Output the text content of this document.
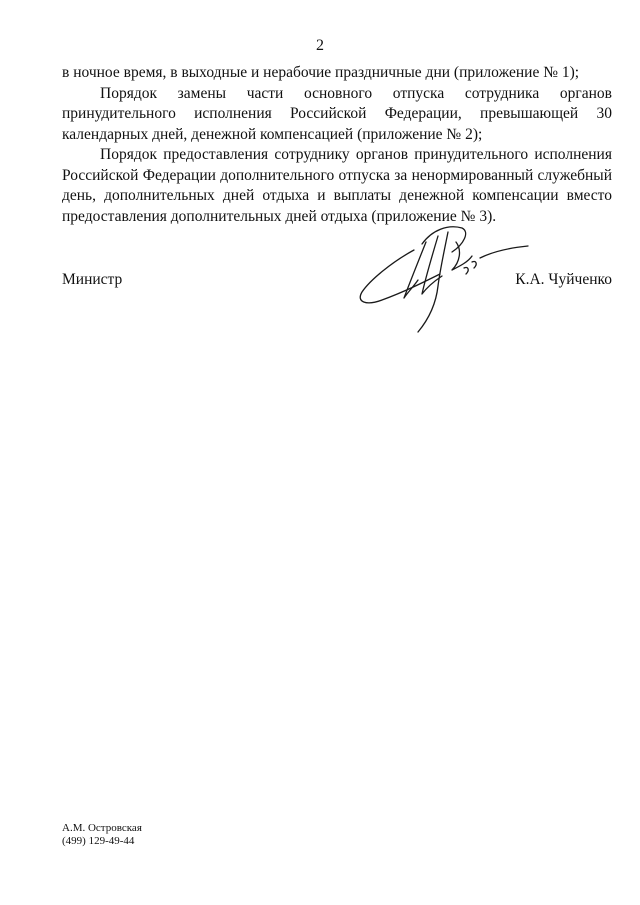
2

в ночное время, в выходные и нерабочие праздничные дни (приложение № 1);

Порядок замены части основного отпуска сотрудника органов принудительного исполнения Российской Федерации, превышающей 30 календарных дней, денежной компенсацией (приложение № 2);

Порядок предоставления сотруднику органов принудительного исполнения Российской Федерации дополнительного отпуска за ненормированный служебный день, дополнительных дней отдыха и выплаты денежной компенсации вместо предоставления дополнительных дней отдыха (приложение № 3).

Министр	К.А. Чуйченко
А.М. Островская
(499) 129-49-44
